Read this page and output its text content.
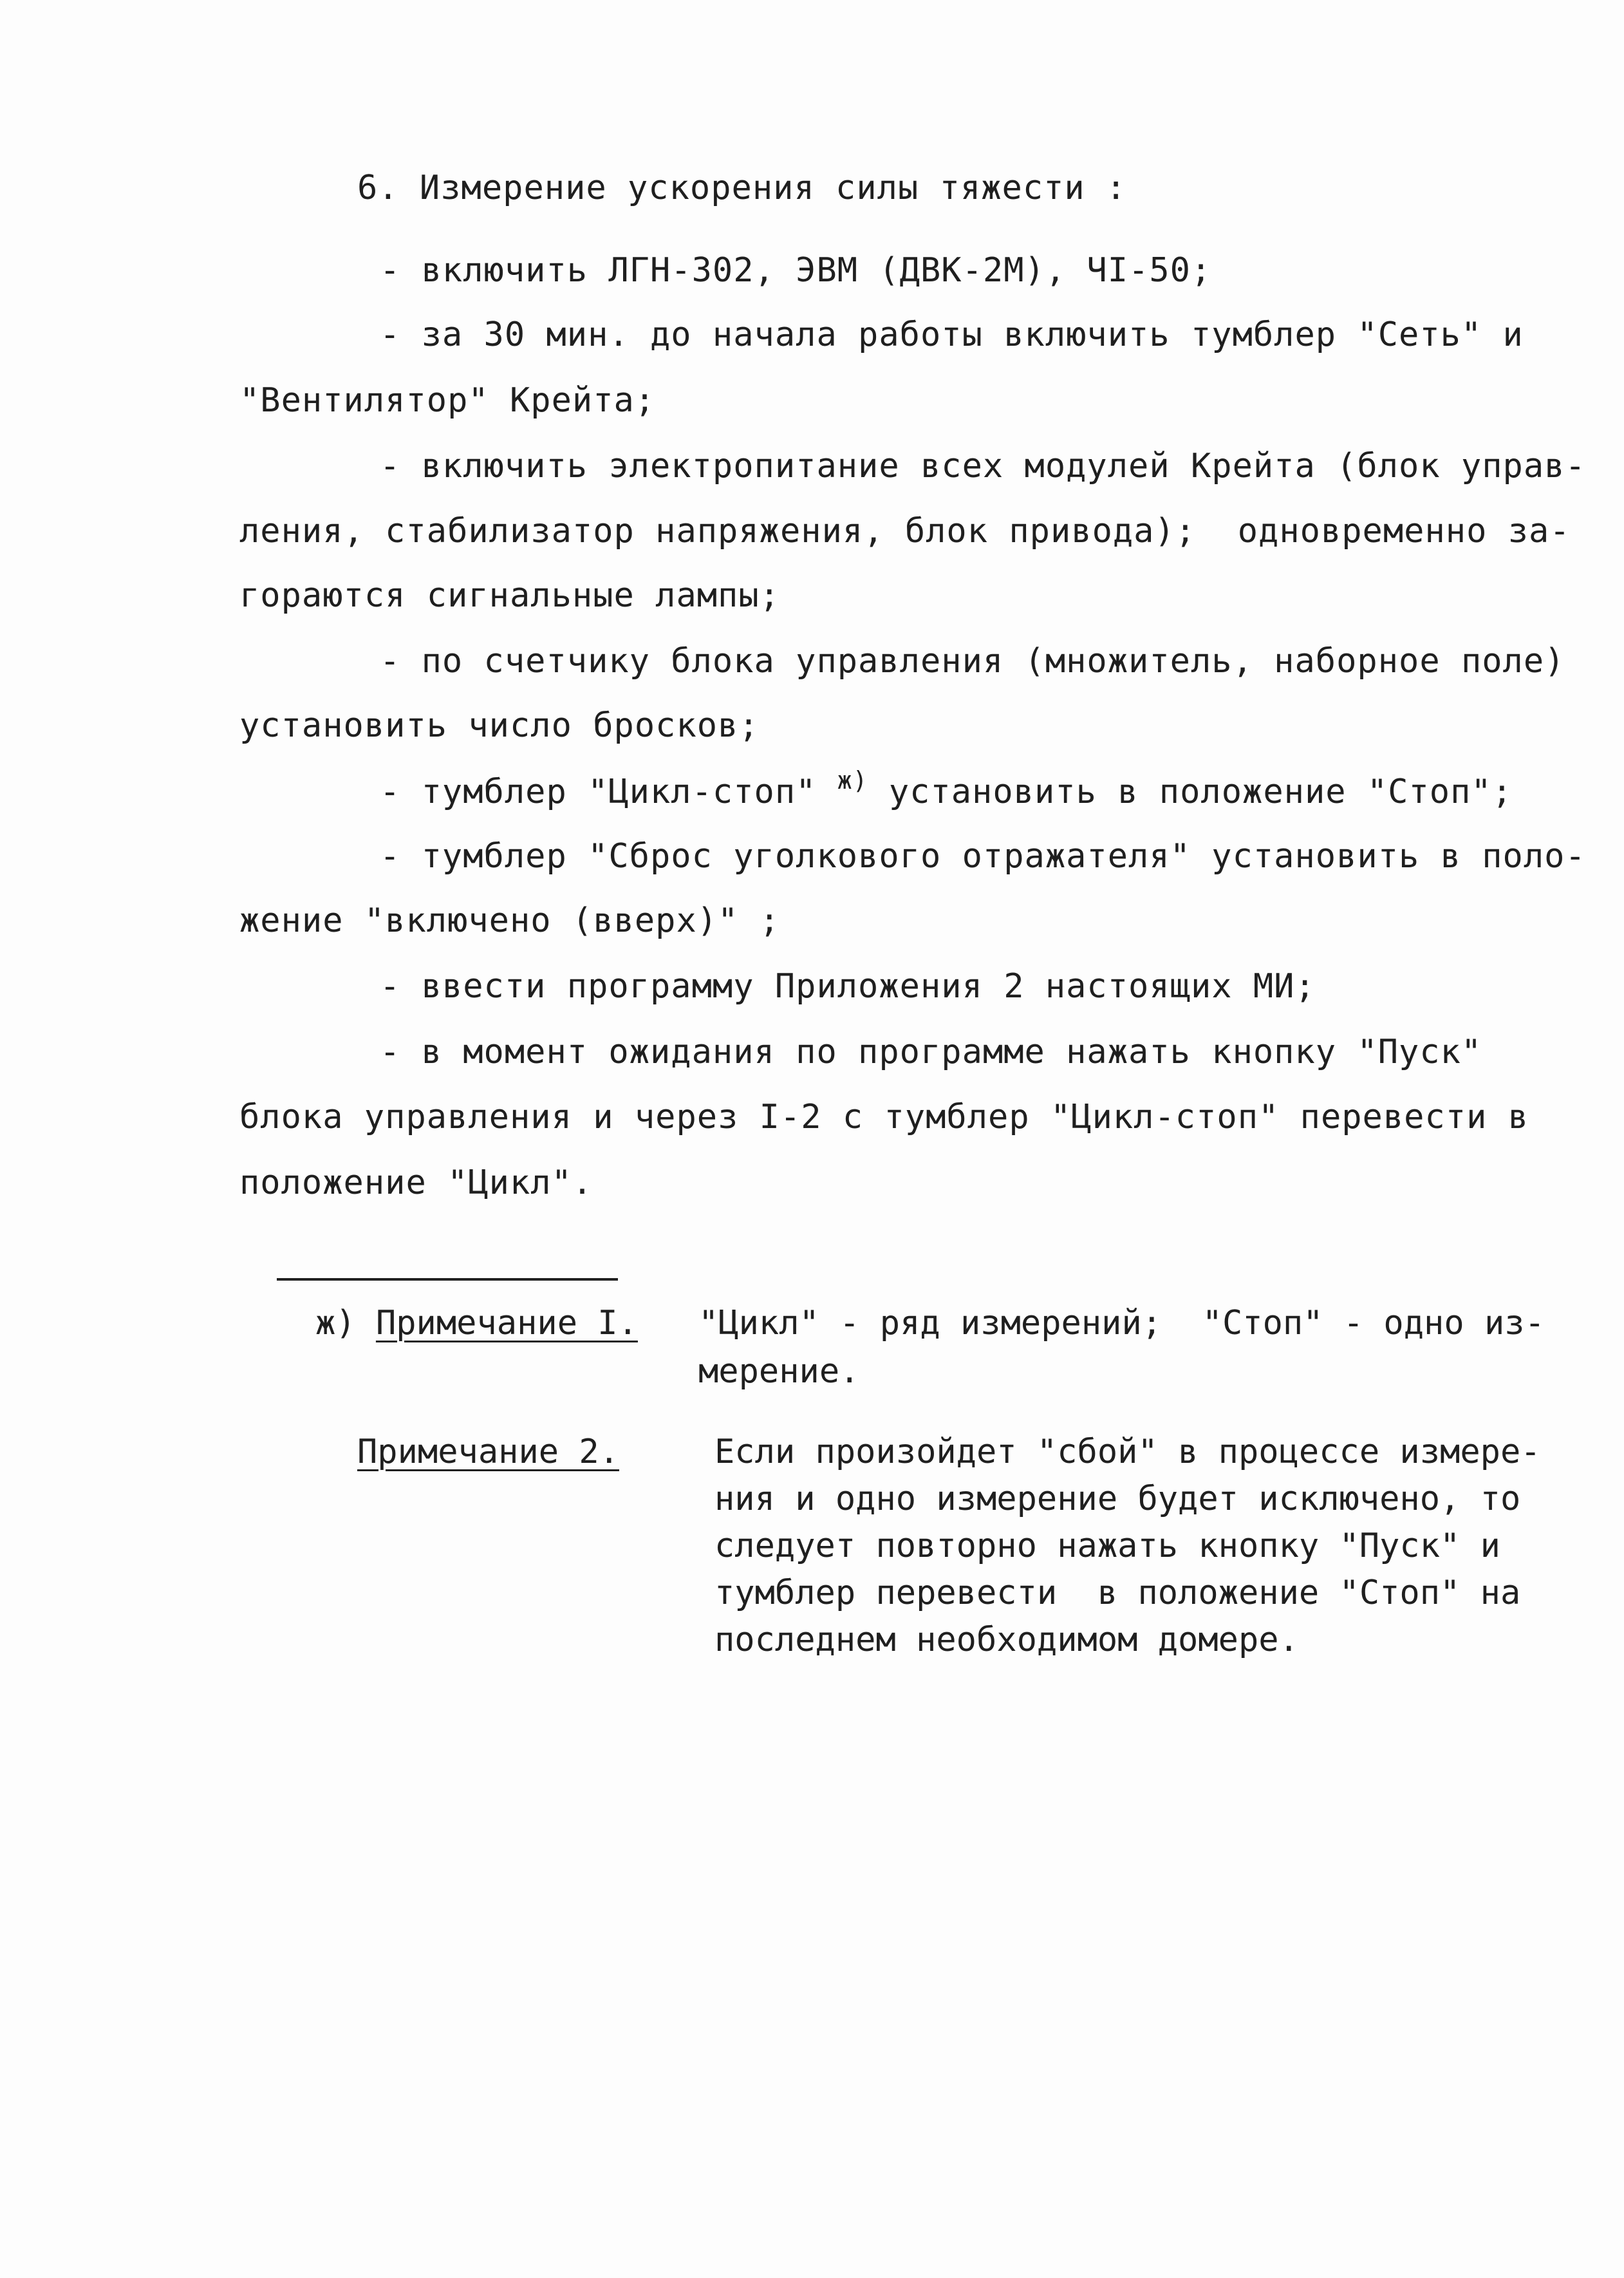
6. Измерение ускорения силы тяжести :
- включить ЛГН-302, ЭВМ (ДВК-2М), ЧI-50;
- за 30 мин. до начала работы включить тумблер "Сеть" и
"Вентилятор" Крейта;
- включить электропитание всех модулей Крейта (блок управ-
ления, стабилизатор напряжения, блок привода);  одновременно за-
гораются сигнальные лампы;
- по счетчику блока управления (множитель, наборное поле)
установить число бросков;
- тумблер "Цикл-стоп" $^{ж)}$ установить в положение "Стоп";
- тумблер "Сброс уголкового отражателя" установить в поло-
жение "включено (вверх)" ;
- ввести программу Приложения 2 настоящих МИ;
- в момент ожидания по программе нажать кнопку "Пуск"
блока управления и через I-2 с тумблер "Цикл-стоп" перевести в
положение "Цикл".
ж) Примечание I. "Цикл" - ряд измерений;  "Стоп" - одно из-
мерение.
Примечание 2.	Если произойдет "сбой" в процессе измере-
ния и одно измерение будет исключено, то
следует повторно нажать кнопку "Пуск" и
тумблер перевести  в положение "Стоп" на
последнем необходимом домере.
